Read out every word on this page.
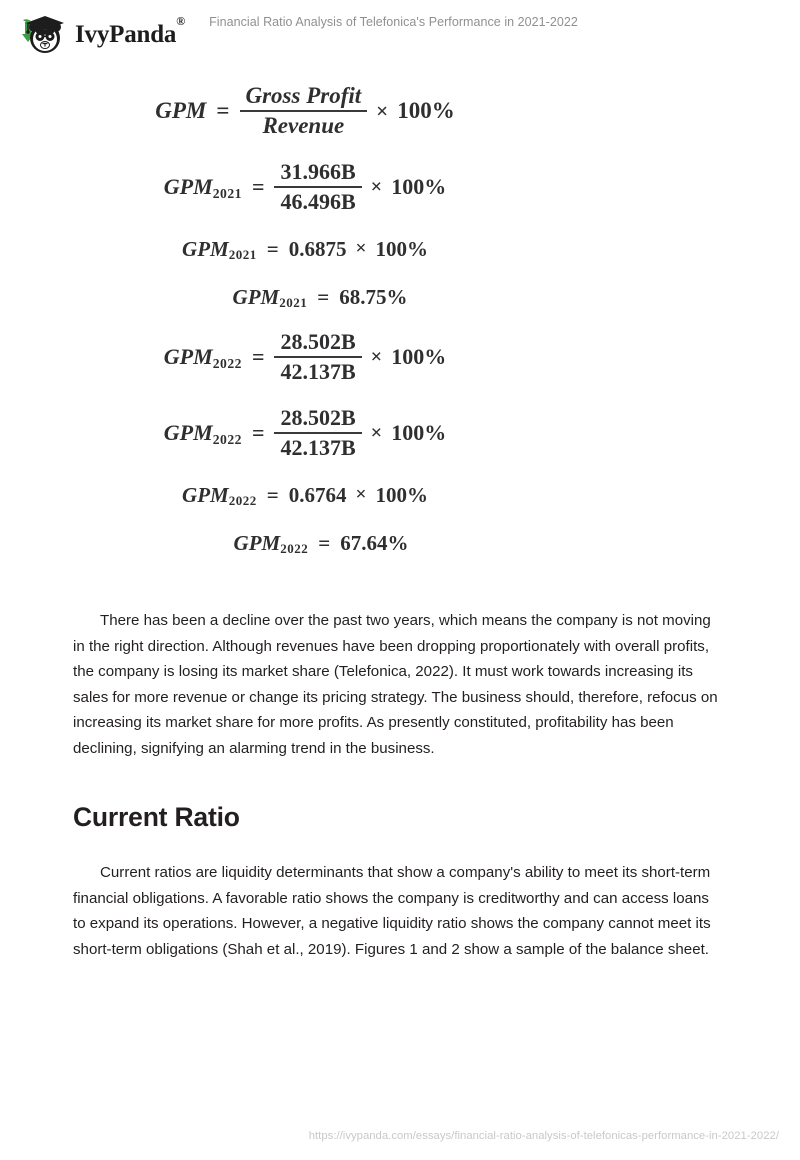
IvyPanda®	Financial Ratio Analysis of Telefonica's Performance in 2021-2022
GPM = $\frac{\text{Gross Profit}}{\text{Revenue}} \times 100\%$
GPM $2021 = \frac{31.966B}{46.496B} \times 100\%$
GPM 2021 = 0.6875 × 100%
GPM 2021 = 68.75%
GPM $2022 = \frac{28.502B}{42.137B} \times 100\%$
GPM $2022 = \frac{28.502B}{42.137B} \times 100\%$
GPM 2022 = 0.6764 × 100%
GPM 2022 = 67.64%

There has been a decline over the past two years, which means the company is not moving in the right direction. Although revenues have been dropping proportionately with overall profits, the company is losing its market share (Telefonica, 2022). It must work towards increasing its sales for more revenue or change its pricing strategy. The business should, therefore, refocus on increasing its market share for more profits. As presently constituted, profitability has been declining, signifying an alarming trend in the business.

Current Ratio

Current ratios are liquidity determinants that show a company's ability to meet its short-term financial obligations. A favorable ratio shows the company is creditworthy and can access loans to expand its operations. However, a negative liquidity ratio shows the company cannot meet its short-term obligations (Shah et al., 2019). Figures 1 and 2 show a sample of the balance sheet.

https://ivypanda.com/essays/financial-ratio-analysis-of-telefonicas-performance-in-2021-2022/
